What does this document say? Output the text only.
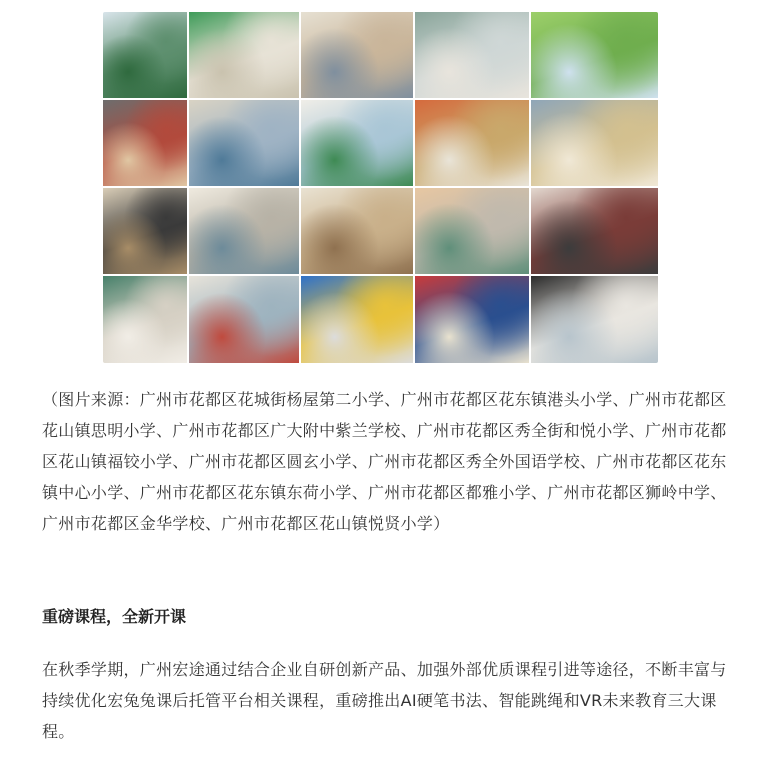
（图片来源：广州市花都区花城街杨屋第二小学、广州市花都区花东镇港头小学、广州市花都区花山镇思明小学、广州市花都区广大附中紫兰学校、广州市花都区秀全街和悦小学、广州市花都区花山镇福铰小学、广州市花都区圆玄小学、广州市花都区秀全外国语学校、广州市花都区花东镇中心小学、广州市花都区花东镇东荷小学、广州市花都区都雅小学、广州市花都区狮岭中学、广州市花都区金华学校、广州市花都区花山镇悦贤小学）

重磅课程，全新开课

在秋季学期，广州宏途通过结合企业自研创新产品、加强外部优质课程引进等途径，不断丰富与持续优化宏兔兔课后托管平台相关课程，重磅推出AI硬笔书法、智能跳绳和VR未来教育三大课程。
